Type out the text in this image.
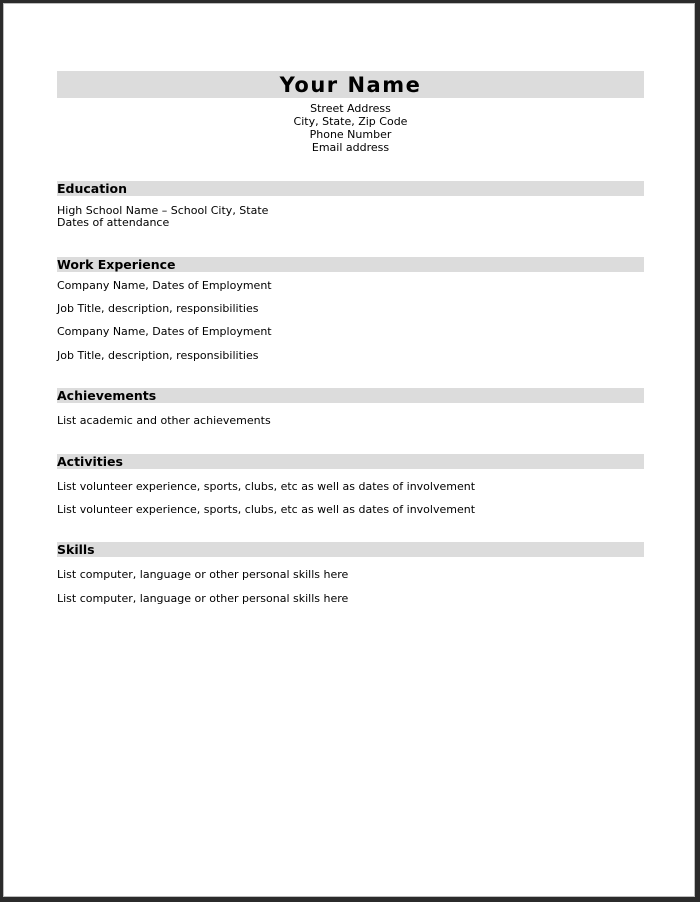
Your Name
Street Address
City, State, Zip Code
Phone Number
Email address
Education
High School Name – School City, State
Dates of attendance
Work Experience
Company Name, Dates of Employment
Job Title, description, responsibilities
Company Name, Dates of Employment
Job Title, description, responsibilities
Achievements
List academic and other achievements
Activities
List volunteer experience, sports, clubs, etc as well as dates of involvement
List volunteer experience, sports, clubs, etc as well as dates of involvement
Skills
List computer, language or other personal skills here
List computer, language or other personal skills here
